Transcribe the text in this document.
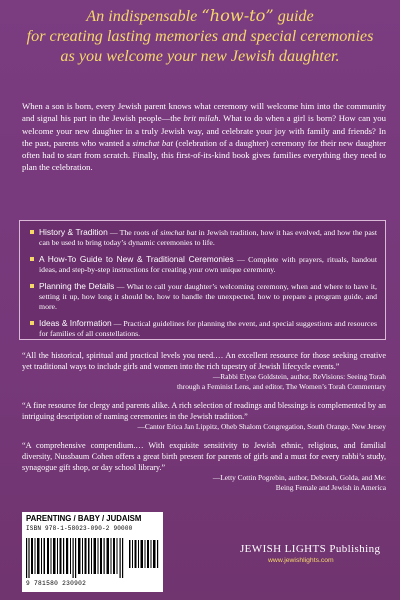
An indispensable “how-to” guide
for creating lasting memories and special ceremonies
as you welcome your new Jewish daughter.
When a son is born, every Jewish parent knows what ceremony will welcome him into the community and signal his part in the Jewish people—the brit milah. What to do when a girl is born? How can you welcome your new daughter in a truly Jewish way, and celebrate your joy with family and friends? In the past, parents who wanted a simchat bat (celebration of a daughter) ceremony for their new daughter often had to start from scratch. Finally, this first-of-its-kind book gives families everything they need to plan the celebration.
History & Tradition — The roots of simchat bat in Jewish tradition, how it has evolved, and how the past can be used to bring today’s dynamic ceremonies to life.
A How-To Guide to New & Traditional Ceremonies — Complete with prayers, rituals, handout ideas, and step-by-step instructions for creating your own unique ceremony.
Planning the Details — What to call your daughter’s welcoming ceremony, when and where to have it, setting it up, how long it should be, how to handle the unexpected, how to prepare a program guide, and more.
Ideas & Information — Practical guidelines for planning the event, and special suggestions and resources for families of all constellations.
“All the historical, spiritual and practical levels you need.… An excellent resource for those seeking creative yet traditional ways to include girls and women into the rich tapestry of Jewish lifecycle events.”
—Rabbi Elyse Goldstein, author, ReVisions: Seeing Torah
through a Feminist Lens, and editor, The Women’s Torah Commentary
“A fine resource for clergy and parents alike. A rich selection of readings and blessings is complemented by an intriguing description of naming ceremonies in the Jewish tradition.”
—Cantor Erica Jan Lippitz, Oheb Shalom Congregation, South Orange, New Jersey
“A comprehensive compendium.… With exquisite sensitivity to Jewish ethnic, religious, and familial diversity, Nussbaum Cohen offers a great birth present for parents of girls and a must for every rabbi’s study, synagogue gift shop, or day school library.”
—Letty Cottin Pogrebin, author, Deborah, Golda, and Me:
Being Female and Jewish in America
PARENTING / BABY / JUDAISM
ISBN 978-1-58023-090-2 90000
9 781580 230902
JEWISH LIGHTS Publishing
www.jewishlights.com
